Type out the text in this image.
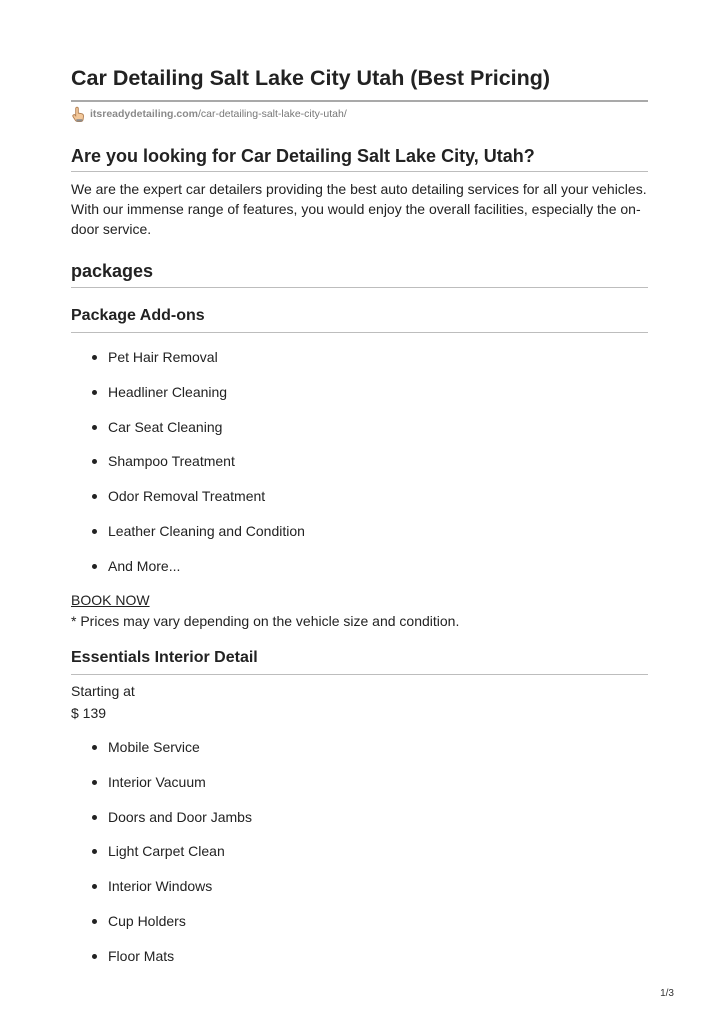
Car Detailing Salt Lake City Utah (Best Pricing)
itsreadydetailing.com /car-detailing-salt-lake-city-utah/
Are you looking for Car Detailing Salt Lake City, Utah?

We are the expert car detailers providing the best auto detailing services for all your vehicles. With our immense range of features, you would enjoy the overall facilities, especially the on-door service.

packages
Package Add-ons
Pet Hair Removal
Headliner Cleaning
Car Seat Cleaning
Shampoo Treatment
Odor Removal Treatment
Leather Cleaning and Condition
And More...

BOOK NOW

* Prices may vary depending on the vehicle size and condition.

Essentials Interior Detail

Starting at

$ 139

Mobile Service
Interior Vacuum
Doors and Door Jambs
Light Carpet Clean
Interior Windows
Cup Holders
Floor Mats
1/3
